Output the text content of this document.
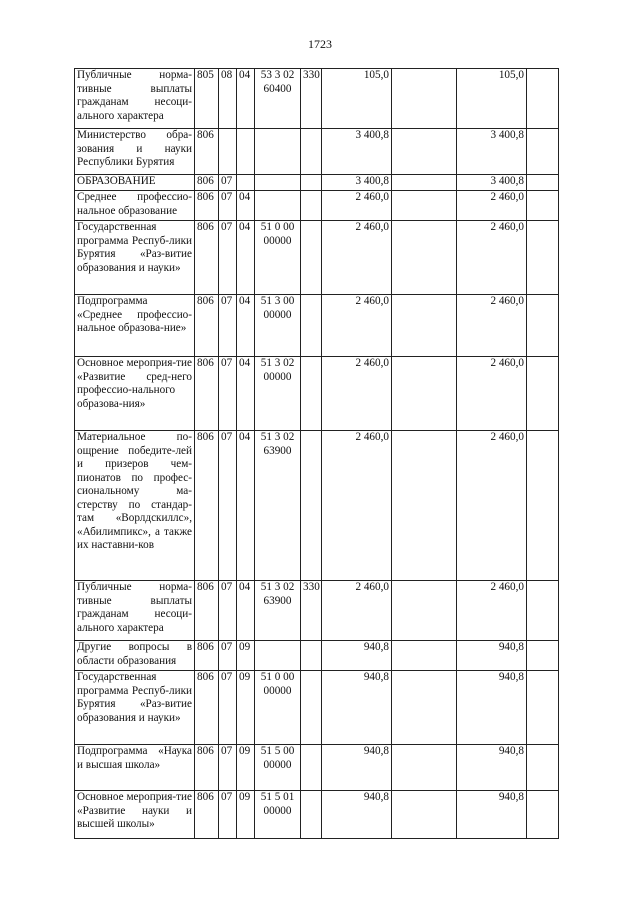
1723
Публичные норма-тивные выплаты гражданам несоци-ального характера	805	08	04	53 3 02 60400	330	105,0		105,0	
Министерство обра-зования и науки Республики Бурятия	806					3 400,8		3 400,8	
ОБРАЗОВАНИЕ	806	07				3 400,8		3 400,8	
Среднее профессио-нальное образование	806	07	04			2 460,0		2 460,0	
Государственная программа Респуб-лики Бурятия «Раз-витие образования и науки»	806	07	04	51 0 00 00000		2 460,0		2 460,0	
Подпрограмма «Среднее профессио-нальное образова-ние»	806	07	04	51 3 00 00000		2 460,0		2 460,0	
Основное мероприя-тие «Развитие сред-него профессио-нального образова-ния»	806	07	04	51 3 02 00000		2 460,0		2 460,0	
Материальное по-ощрение победите-лей и призеров чем-пионатов по профес-сиональному ма-стерству по стандар-там «Ворлдскиллс», «Абилимпикс», а также их наставни-ков	806	07	04	51 3 02 63900		2 460,0		2 460,0	
Публичные норма-тивные выплаты гражданам несоци-ального характера	806	07	04	51 3 02 63900	330	2 460,0		2 460,0	
Другие вопросы в области образования	806	07	09			940,8		940,8	
Государственная программа Респуб-лики Бурятия «Раз-витие образования и науки»	806	07	09	51 0 00 00000		940,8		940,8	
Подпрограмма «Наука и высшая школа»	806	07	09	51 5 00 00000		940,8		940,8	
Основное мероприя-тие «Развитие науки и высшей школы»	806	07	09	51 5 01 00000		940,8		940,8	
